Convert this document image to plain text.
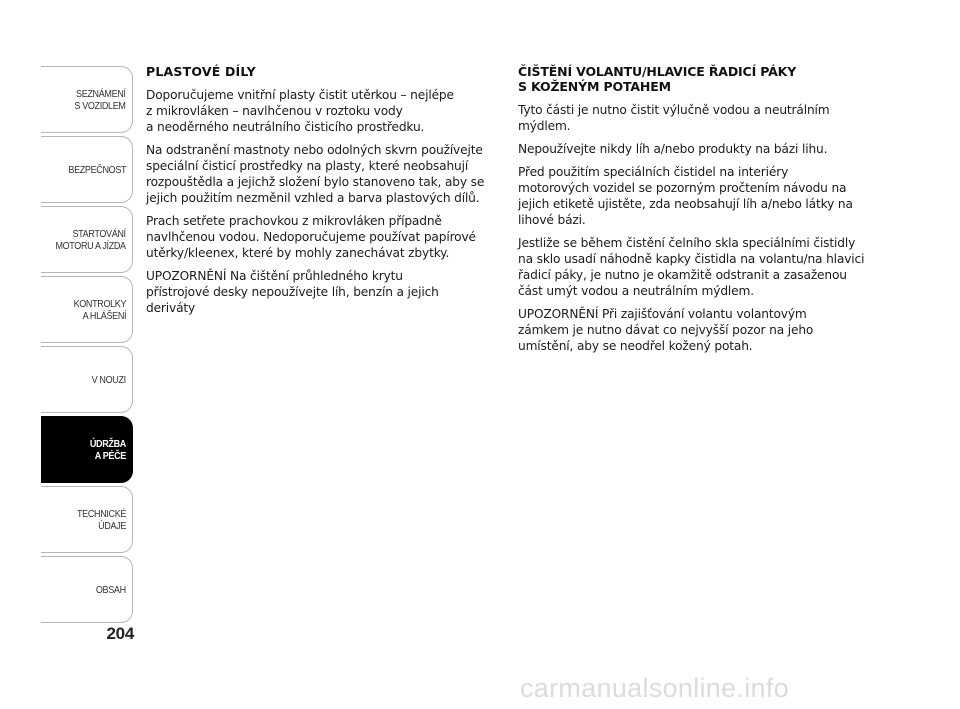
SEZNÁMENÍ
S VOZIDLEM
BEZPEČNOST
STARTOVÁNÍ
MOTORU A JÍZDA
KONTROLKY
A HLÁŠENÍ
V NOUZI
ÚDRŽBA
A PÉČE
TECHNICKÉ
ÚDAJE
OBSAH
204
PLASTOVÉ DÍLY

Doporučujeme vnitřní plasty čistit utěrkou – nejlépe
z mikrovláken – navlhčenou v roztoku vody
a neoděrného neutrálního čisticího prostředku.

Na odstranění mastnoty nebo odolných skvrn používejte
speciální čisticí prostředky na plasty, které neobsahují
rozpouštědla a jejichž složení bylo stanoveno tak, aby se
jejich použitím nezměnil vzhled a barva plastových dílů.

Prach setřete prachovkou z mikrovláken případně
navlhčenou vodou. Nedoporučujeme používat papírové
utěrky/kleenex, které by mohly zanechávat zbytky.

UPOZORNĚNÍ Na čištění průhledného krytu
přístrojové desky nepoužívejte líh, benzín a jejich
deriváty

ČIŠTĚNÍ VOLANTU/HLAVICE ŘADICÍ PÁKY
S KOŽENÝM POTAHEM

Tyto části je nutno čistit výlučně vodou a neutrálním
mýdlem.

Nepoužívejte nikdy líh a/nebo produkty na bázi lihu.

Před použitím speciálních čistidel na interiéry
motorových vozidel se pozorným pročtením návodu na
jejich etiketě ujistěte, zda neobsahují líh a/nebo látky na
lihové bázi.

Jestliže se během čistění čelního skla speciálními čistidly
na sklo usadí náhodně kapky čistidla na volantu/na hlavici
řadicí páky, je nutno je okamžitě odstranit a zasaženou
část umýt vodou a neutrálním mýdlem.

UPOZORNĚNÍ Při zajišťování volantu volantovým
zámkem je nutno dávat co nejvyšší pozor na jeho
umístění, aby se neodřel kožený potah.

carmanualsonline.info
